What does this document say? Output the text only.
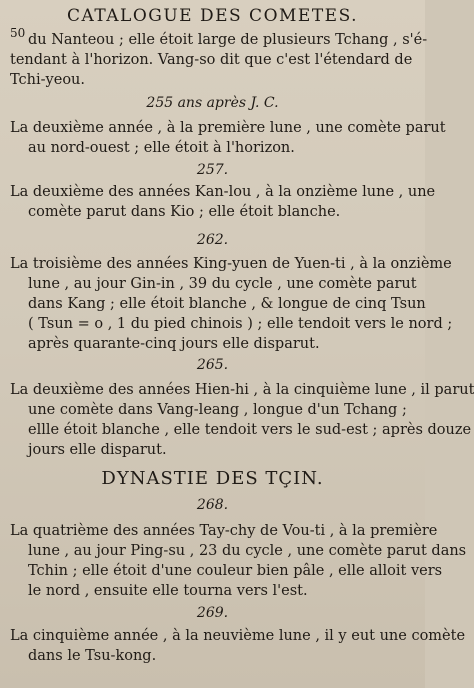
CATALOGUE DES COMETES.
50 du Nanteou ; elle étoit large de plusieurs Tchang , s'é-
tendant à l'horizon. Vang-so dit que c'est l'étendard de
Tchi-yeou.
255 ans après J. C.
La deuxième année , à la première lune , une comète parut
au nord-ouest ; elle étoit à l'horizon.
257.
La deuxième des années Kan-lou , à la onzième lune , une
comète parut dans Kio ; elle étoit blanche.
262.
La troisième des années King-yuen de Yuen-ti , à la onzième
lune , au jour Gin-in , 39 du cycle , une comète parut
dans Kang ; elle étoit blanche , & longue de cinq Tsun
( Tsun = o , 1 du pied chinois ) ; elle tendoit vers le nord ;
après quarante-cinq jours elle disparut.
265.
La deuxième des années Hien-hi , à la cinquième lune , il parut
une comète dans Vang-leang , longue d'un Tchang ;
ellle étoit blanche , elle tendoit vers le sud-est ; après douze
jours elle disparut.
DYNASTIE DES TÇIN.
268.
La quatrième des années Tay-chy de Vou-ti , à la première
lune , au jour Ping-su , 23 du cycle , une comète parut dans
Tchin ; elle étoit d'une couleur bien pâle , elle alloit vers
le nord , ensuite elle tourna vers l'est.
269.
La cinquième année , à la neuvième lune , il y eut une comète
dans le Tsu-kong.
